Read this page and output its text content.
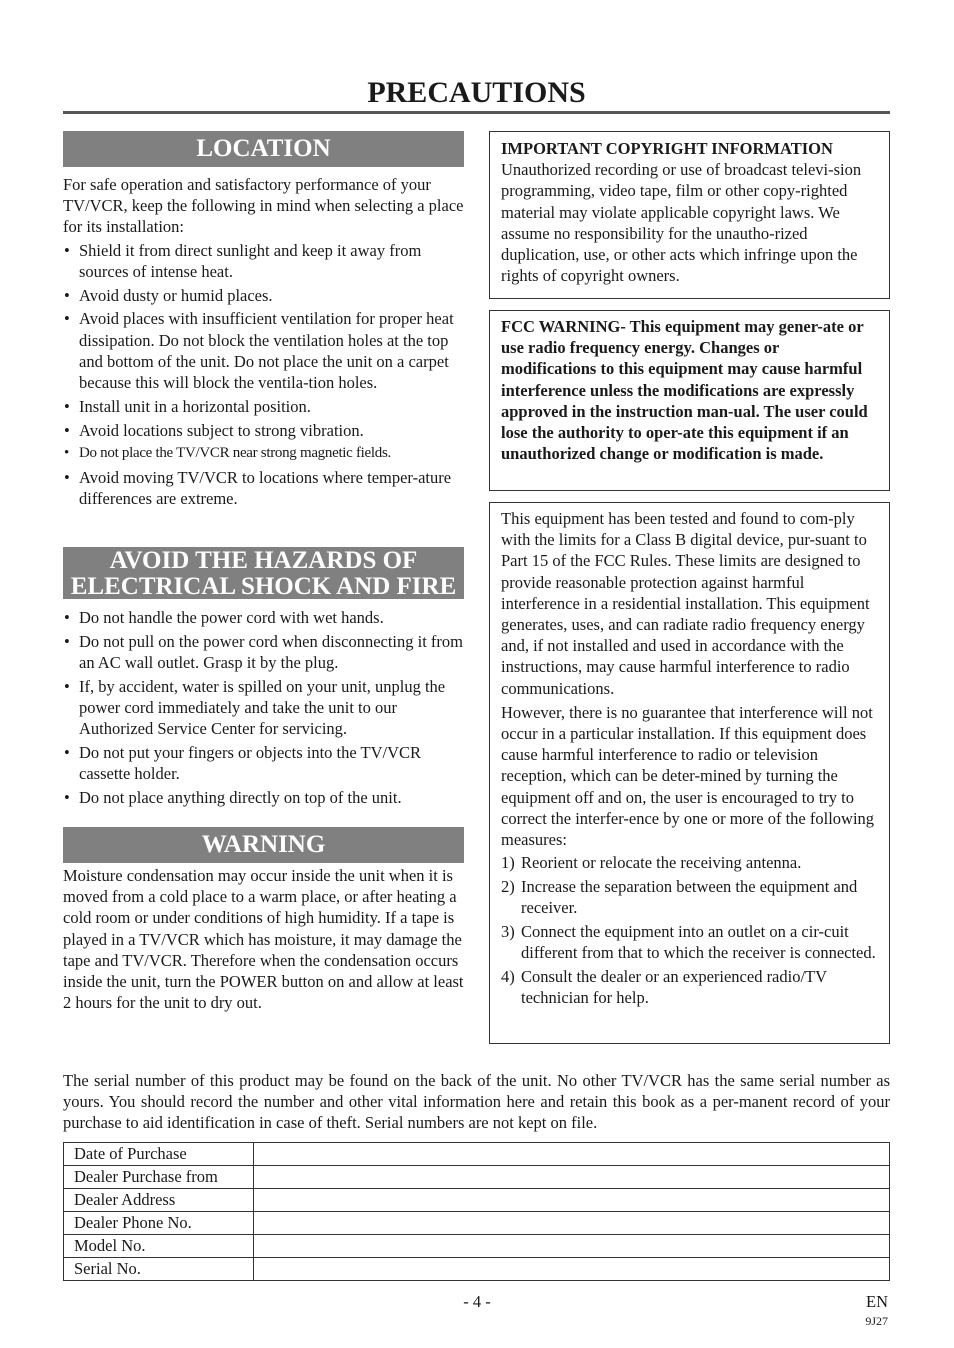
PRECAUTIONS
LOCATION

For safe operation and satisfactory performance of your TV/VCR, keep the following in mind when selecting a place for its installation:

• Shield it from direct sunlight and keep it away from sources of intense heat.
• Avoid dusty or humid places.
• Avoid places with insufficient ventilation for proper heat dissipation. Do not block the ventilation holes at the top and bottom of the unit. Do not place the unit on a carpet because this will block the ventila-tion holes.
• Install unit in a horizontal position.
• Avoid locations subject to strong vibration.
• Do not place the TV/VCR near strong magnetic fields.
• Avoid moving TV/VCR to locations where temper-ature differences are extreme.
AVOID THE HAZARDS OF
ELECTRICAL SHOCK AND FIRE
• Do not handle the power cord with wet hands.
• Do not pull on the power cord when disconnecting it from an AC wall outlet. Grasp it by the plug.
• If, by accident, water is spilled on your unit, unplug the power cord immediately and take the unit to our Authorized Service Center for servicing.
• Do not put your fingers or objects into the TV/VCR cassette holder.
• Do not place anything directly on top of the unit.
WARNING

Moisture condensation may occur inside the unit when it is moved from a cold place to a warm place, or after heating a cold room or under conditions of high humidity. If a tape is played in a TV/VCR which has moisture, it may damage the tape and TV/VCR. Therefore when the condensation occurs inside the unit, turn the POWER button on and allow at least 2 hours for the unit to dry out.

IMPORTANT COPYRIGHT INFORMATION

Unauthorized recording or use of broadcast televi-sion programming, video tape, film or other copy-righted material may violate applicable copyright laws. We assume no responsibility for the unautho-rized duplication, use, or other acts which infringe upon the rights of copyright owners.

FCC WARNING- This equipment may gener-ate or use radio frequency energy. Changes or modifications to this equipment may cause harmful interference unless the modifications are expressly approved in the instruction man-ual. The user could lose the authority to oper-ate this equipment if an unauthorized change or modification is made.

This equipment has been tested and found to com-ply with the limits for a Class B digital device, pur-suant to Part 15 of the FCC Rules. These limits are designed to provide reasonable protection against harmful interference in a residential installation. This equipment generates, uses, and can radiate radio frequency energy and, if not installed and used in accordance with the instructions, may cause harmful interference to radio communications.

However, there is no guarantee that interference will not occur in a particular installation. If this equipment does cause harmful interference to radio or television reception, which can be deter-mined by turning the equipment off and on, the user is encouraged to try to correct the interfer-ence by one or more of the following measures:

1) Reorient or relocate the receiving antenna.
2) Increase the separation between the equipment and receiver.
3) Connect the equipment into an outlet on a cir-cuit different from that to which the receiver is connected.
4) Consult the dealer or an experienced radio/TV technician for help.

The serial number of this product may be found on the back of the unit. No other TV/VCR has the same serial number as yours. You should record the number and other vital information here and retain this book as a per-manent record of your purchase to aid identification in case of theft. Serial numbers are not kept on file.

Date of Purchase	
Dealer Purchase from	
Dealer Address	
Dealer Phone No.	
Model No.	
Serial No.	
- 4 -	EN
9J27
